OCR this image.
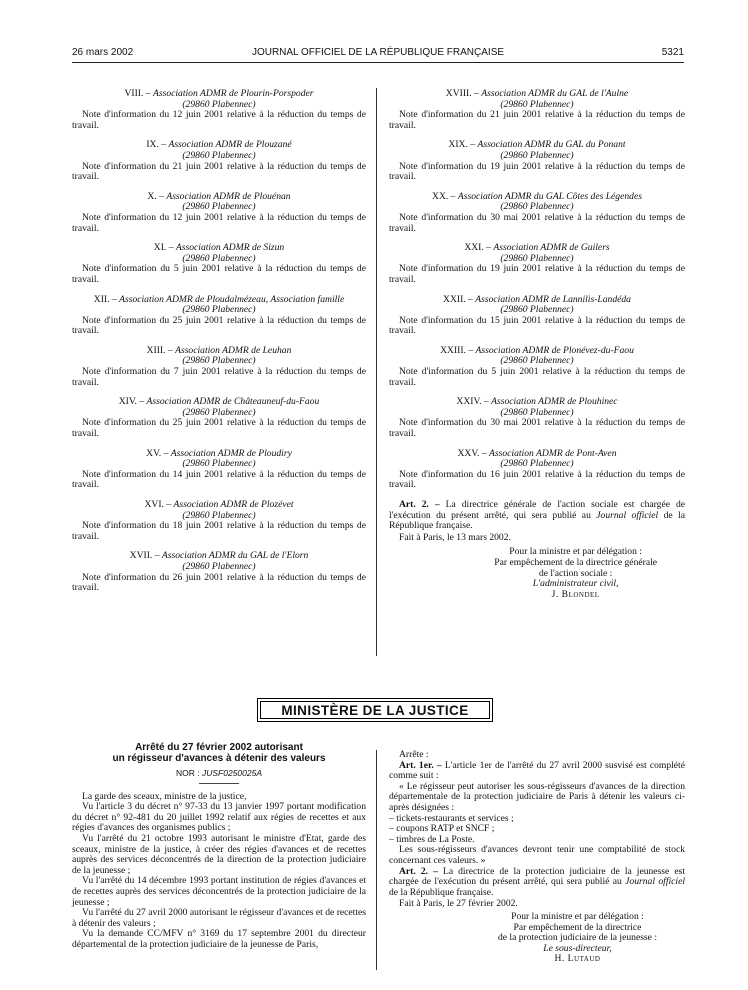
26 mars 2002	JOURNAL OFFICIEL DE LA RÉPUBLIQUE FRANÇAISE	5321
VIII. – Association ADMR de Plourin-Porspoder
(29860 Plabennec)
Note d'information du 12 juin 2001 relative à la réduction du temps de travail.
IX. – Association ADMR de Plouzané
(29860 Plabennec)
Note d'information du 21 juin 2001 relative à la réduction du temps de travail.
X. – Association ADMR de Plouénan
(29860 Plabennec)
Note d'information du 12 juin 2001 relative à la réduction du temps de travail.
XI. – Association ADMR de Sizun
(29860 Plabennec)
Note d'information du 5 juin 2001 relative à la réduction du temps de travail.
XII. – Association ADMR de Ploudalmézeau, Association famille
(29860 Plabennec)
Note d'information du 25 juin 2001 relative à la réduction du temps de travail.
XIII. – Association ADMR de Leuhan
(29860 Plabennec)
Note d'information du 7 juin 2001 relative à la réduction du temps de travail.
XIV. – Association ADMR de Châteauneuf-du-Faou
(29860 Plabennec)
Note d'information du 25 juin 2001 relative à la réduction du temps de travail.
XV. – Association ADMR de Ploudiry
(29860 Plabennec)
Note d'information du 14 juin 2001 relative à la réduction du temps de travail.
XVI. – Association ADMR de Plozévet
(29860 Plabennec)
Note d'information du 18 juin 2001 relative à la réduction du temps de travail.
XVII. – Association ADMR du GAL de l'Elorn
(29860 Plabennec)
Note d'information du 26 juin 2001 relative à la réduction du temps de travail.
XVIII. – Association ADMR du GAL de l'Aulne
(29860 Plabennec)
Note d'information du 21 juin 2001 relative à la réduction du temps de travail.
XIX. – Association ADMR du GAL du Ponant
(29860 Plabennec)
Note d'information du 19 juin 2001 relative à la réduction du temps de travail.
XX. – Association ADMR du GAL Côtes des Légendes
(29860 Plabennec)
Note d'information du 30 mai 2001 relative à la réduction du temps de travail.
XXI. – Association ADMR de Guilers
(29860 Plabennec)
Note d'information du 19 juin 2001 relative à la réduction du temps de travail.
XXII. – Association ADMR de Lannilis-Landéda
(29860 Plabennec)
Note d'information du 15 juin 2001 relative à la réduction du temps de travail.
XXIII. – Association ADMR de Plonévez-du-Faou
(29860 Plabennec)
Note d'information du 5 juin 2001 relative à la réduction du temps de travail.
XXIV. – Association ADMR de Plouhinec
(29860 Plabennec)
Note d'information du 30 mai 2001 relative à la réduction du temps de travail.
XXV. – Association ADMR de Pont-Aven
(29860 Plabennec)
Note d'information du 16 juin 2001 relative à la réduction du temps de travail.
Art. 2. – La directrice générale de l'action sociale est chargée de l'exécution du présent arrêté, qui sera publié au Journal officiel de la République française.
Fait à Paris, le 13 mars 2002.
Pour la ministre et par délégation :
Par empêchement de la directrice générale
de l'action sociale :
L'administrateur civil,
J. Blondel
MINISTÈRE DE LA JUSTICE
Arrêté du 27 février 2002 autorisant
un régisseur d'avances à détenir des valeurs
NOR : JUSF0250025A
La garde des sceaux, ministre de la justice,
Vu l'article 3 du décret n° 97-33 du 13 janvier 1997 portant modification du décret n° 92-481 du 20 juillet 1992 relatif aux régies de recettes et aux régies d'avances des organismes publics ;
Vu l'arrêté du 21 octobre 1993 autorisant le ministre d'Etat, garde des sceaux, ministre de la justice, à créer des régies d'avances et de recettes auprès des services déconcentrés de la direction de la protection judiciaire de la jeunesse ;
Vu l'arrêté du 14 décembre 1993 portant institution de régies d'avances et de recettes auprès des services déconcentrés de la protection judiciaire de la jeunesse ;
Vu l'arrêté du 27 avril 2000 autorisant le régisseur d'avances et de recettes à détenir des valeurs ;
Vu la demande CC/MFV n° 3169 du 17 septembre 2001 du directeur départemental de la protection judiciaire de la jeunesse de Paris,
Arrête :
Art. 1er. – L'article 1er de l'arrêté du 27 avril 2000 susvisé est complété comme suit :
« Le régisseur peut autoriser les sous-régisseurs d'avances de la direction départementale de la protection judiciaire de Paris à détenir les valeurs ci-après désignées :
– tickets-restaurants et services ;
– coupons RATP et SNCF ;
– timbres de La Poste.
Les sous-régisseurs d'avances devront tenir une comptabilité de stock concernant ces valeurs. »
Art. 2. – La directrice de la protection judiciaire de la jeunesse est chargée de l'exécution du présent arrêté, qui sera publié au Journal officiel de la République française.
Fait à Paris, le 27 février 2002.
Pour la ministre et par délégation :
Par empêchement de la directrice
de la protection judiciaire de la jeunesse :
Le sous-directeur,
H. Lutaud
